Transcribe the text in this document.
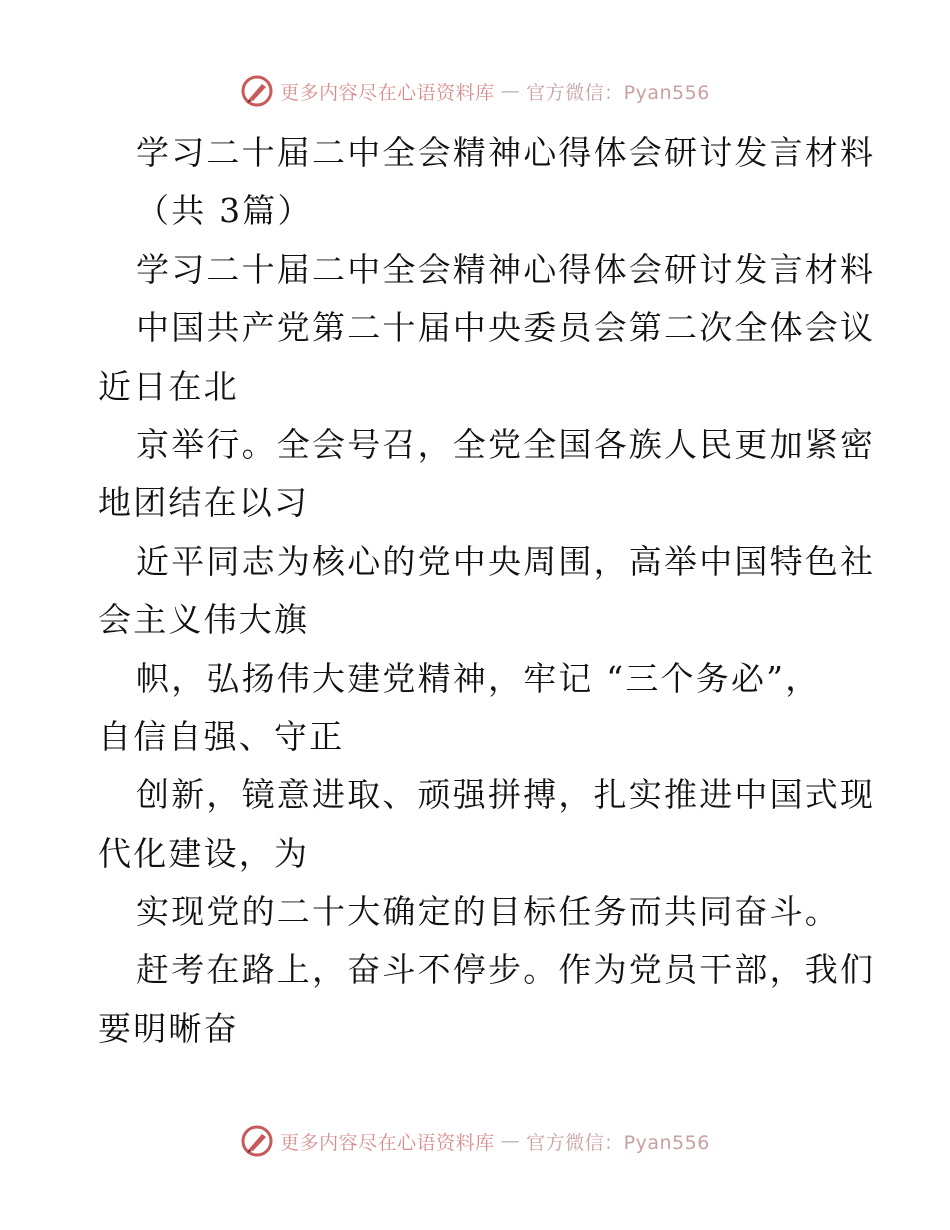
更多内容尽在心语资料库 — 官方微信：Pyan556
学习二十届二中全会精神心得体会研讨发言材料
（共 3篇）
学习二十届二中全会精神心得体会研讨发言材料
中国共产党第二十届中央委员会第二次全体会议
近日在北
京举行。全会号召，全党全国各族人民更加紧密
地团结在以习
近平同志为核心的党中央周围，高举中国特色社
会主义伟大旗
帜，弘扬伟大建党精神，牢记 “三个务必”，
自信自强、守正
创新，镜意进取、顽强拼搏，扎实推进中国式现
代化建设，为
实现党的二十大确定的目标任务而共同奋斗。
赶考在路上，奋斗不停步。作为党员干部，我们
要明晰奋
更多内容尽在心语资料库 — 官方微信：Pyan556
